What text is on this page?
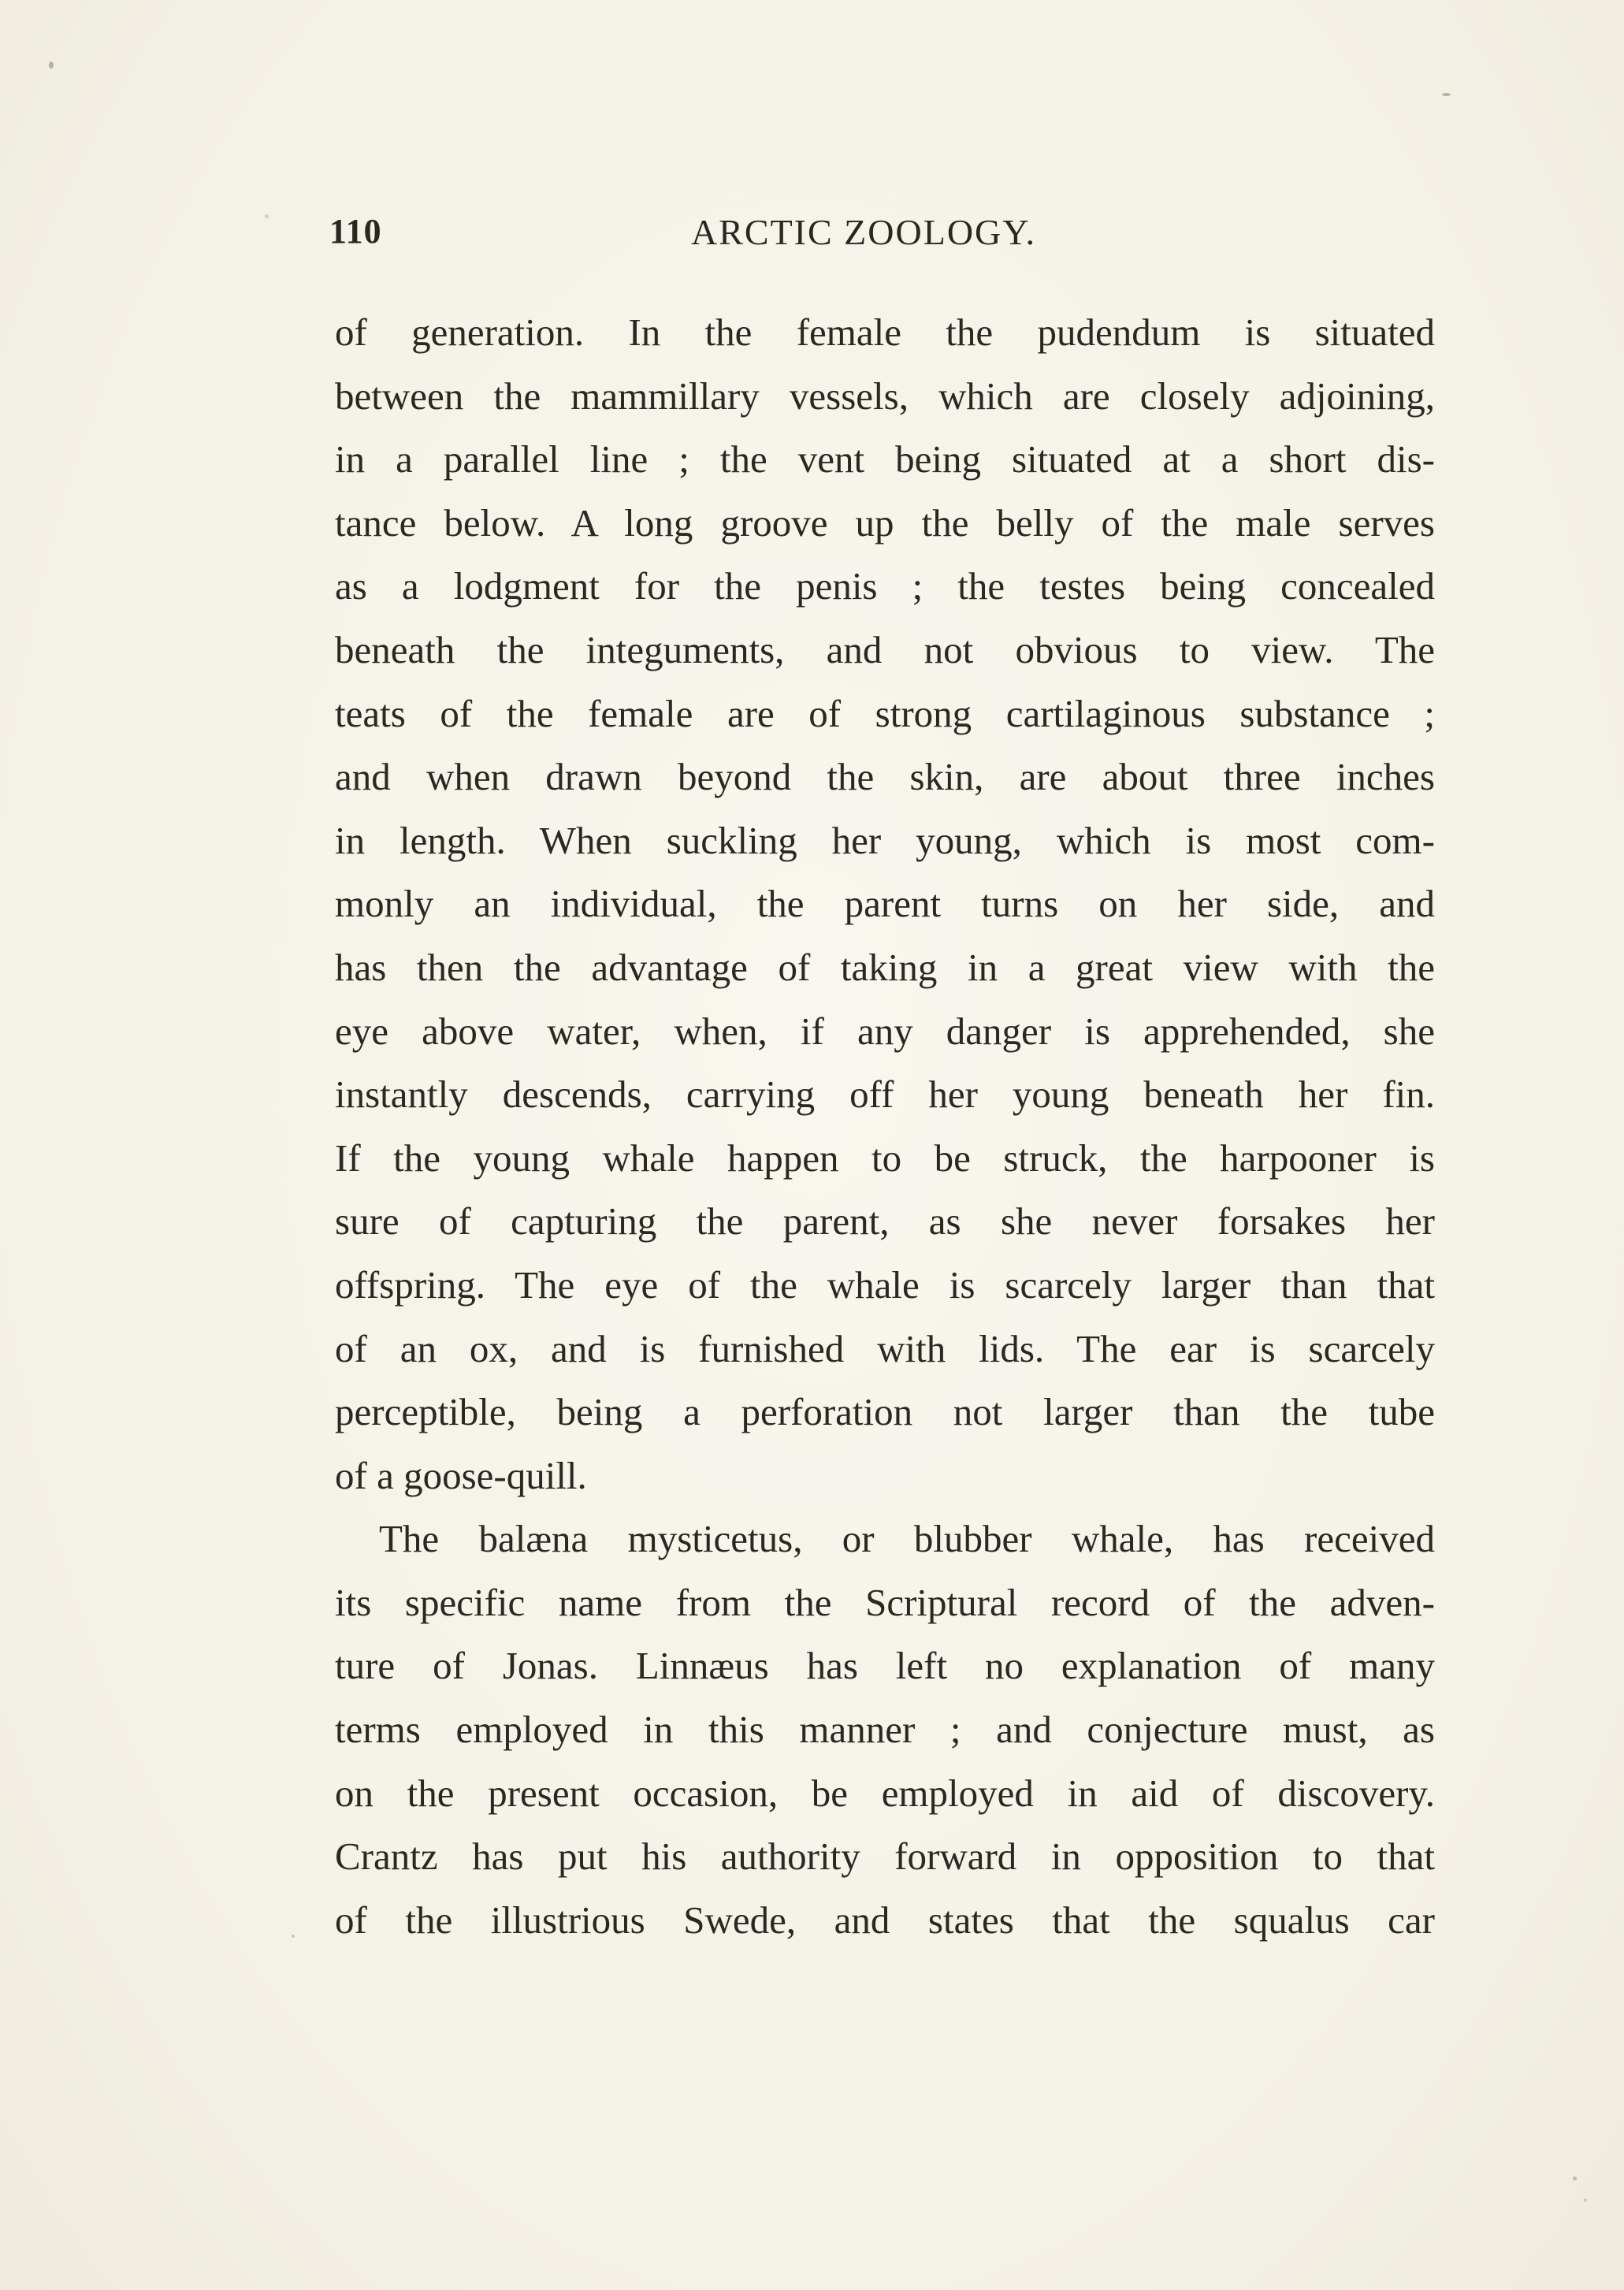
110	ARCTIC ZOOLOGY.
of generation. In the female the pudendum is situated
between the mammillary vessels, which are closely adjoining,
in a parallel line ; the vent being situated at a short dis-
tance below. A long groove up the belly of the male serves
as a lodgment for the penis ; the testes being concealed
beneath the integuments, and not obvious to view. The
teats of the female are of strong cartilaginous substance ;
and when drawn beyond the skin, are about three inches
in length. When suckling her young, which is most com-
monly an individual, the parent turns on her side, and
has then the advantage of taking in a great view with the
eye above water, when, if any danger is apprehended, she
instantly descends, carrying off her young beneath her fin.
If the young whale happen to be struck, the harpooner is
sure of capturing the parent, as she never forsakes her
offspring. The eye of the whale is scarcely larger than that
of an ox, and is furnished with lids. The ear is scarcely
perceptible, being a perforation not larger than the tube
of a goose-quill.
The balæna mysticetus, or blubber whale, has received
its specific name from the Scriptural record of the adven-
ture of Jonas. Linnæus has left no explanation of many
terms employed in this manner ; and conjecture must, as
on the present occasion, be employed in aid of discovery.
Crantz has put his authority forward in opposition to that
of the illustrious Swede, and states that the squalus car
